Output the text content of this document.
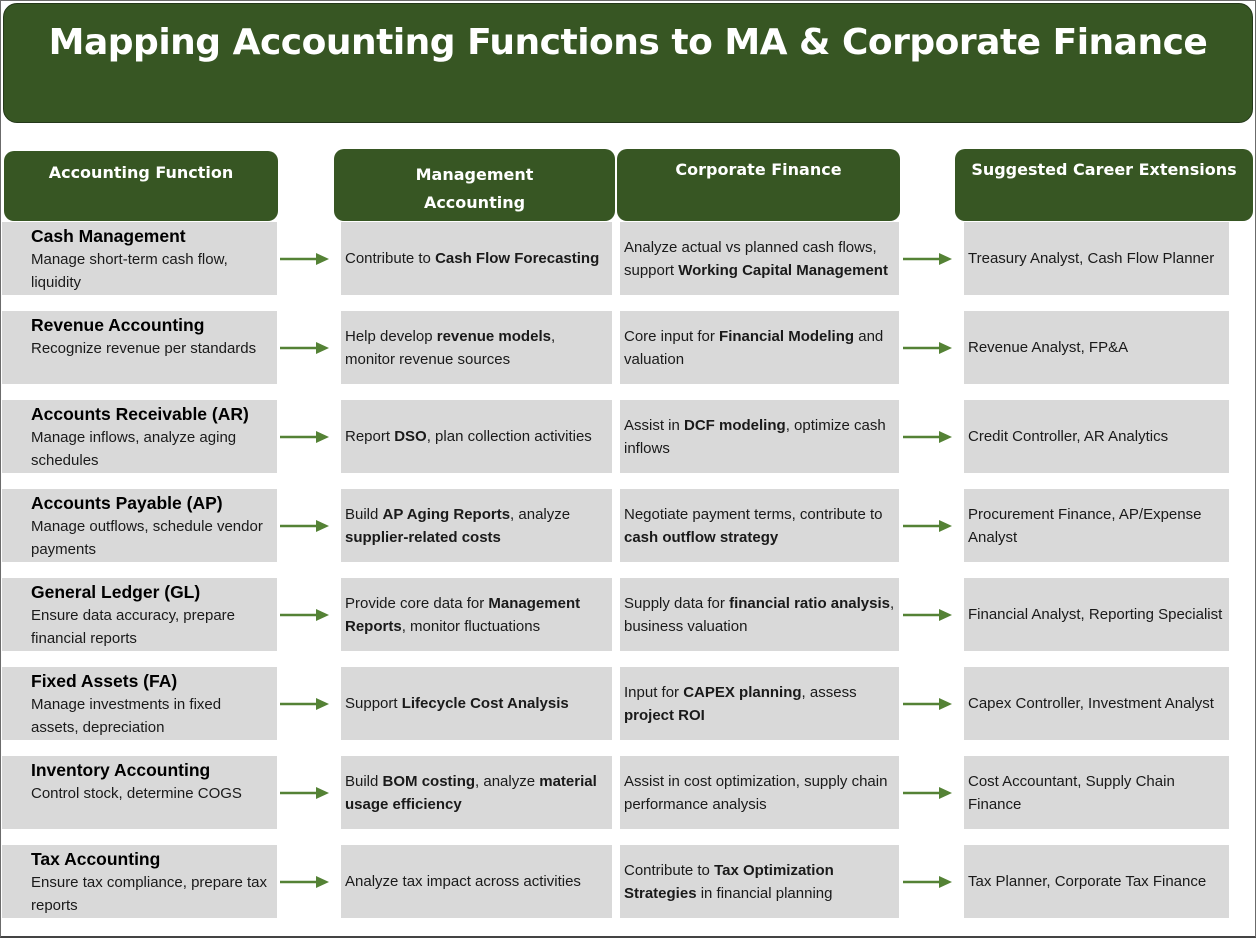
Mapping Accounting Functions to MA & Corporate Finance
Accounting Function	Management
Accounting
Corporate Finance	Suggested Career Extensions
Cash Management
Manage short-term cash flow, liquidity
Contribute to Cash Flow Forecasting
Analyze actual vs planned cash flows, support Working Capital Management
Treasury Analyst, Cash Flow Planner
Revenue Accounting
Recognize revenue per standards
Help develop revenue models, monitor revenue sources
Core input for Financial Modeling and valuation
Revenue Analyst, FP&A
Accounts Receivable (AR)
Manage inflows, analyze aging schedules
Report DSO, plan collection activities
Assist in DCF modeling, optimize cash inflows
Credit Controller, AR Analytics
Accounts Payable (AP)
Manage outflows, schedule vendor payments
Build AP Aging Reports, analyze supplier-related costs
Negotiate payment terms, contribute to cash outflow strategy
Procurement Finance, AP/Expense Analyst
General Ledger (GL)
Ensure data accuracy, prepare financial reports
Provide core data for Management Reports, monitor fluctuations
Supply data for financial ratio analysis, business valuation
Financial Analyst, Reporting Specialist
Fixed Assets (FA)
Manage investments in fixed assets, depreciation
Support Lifecycle Cost Analysis
Input for CAPEX planning, assess project ROI
Capex Controller, Investment Analyst
Inventory Accounting
Control stock, determine COGS
Build BOM costing, analyze material usage efficiency
Assist in cost optimization, supply chain performance analysis
Cost Accountant, Supply Chain Finance
Tax Accounting
Ensure tax compliance, prepare tax reports
Analyze tax impact across activities
Contribute to Tax Optimization Strategies in financial planning
Tax Planner, Corporate Tax Finance
